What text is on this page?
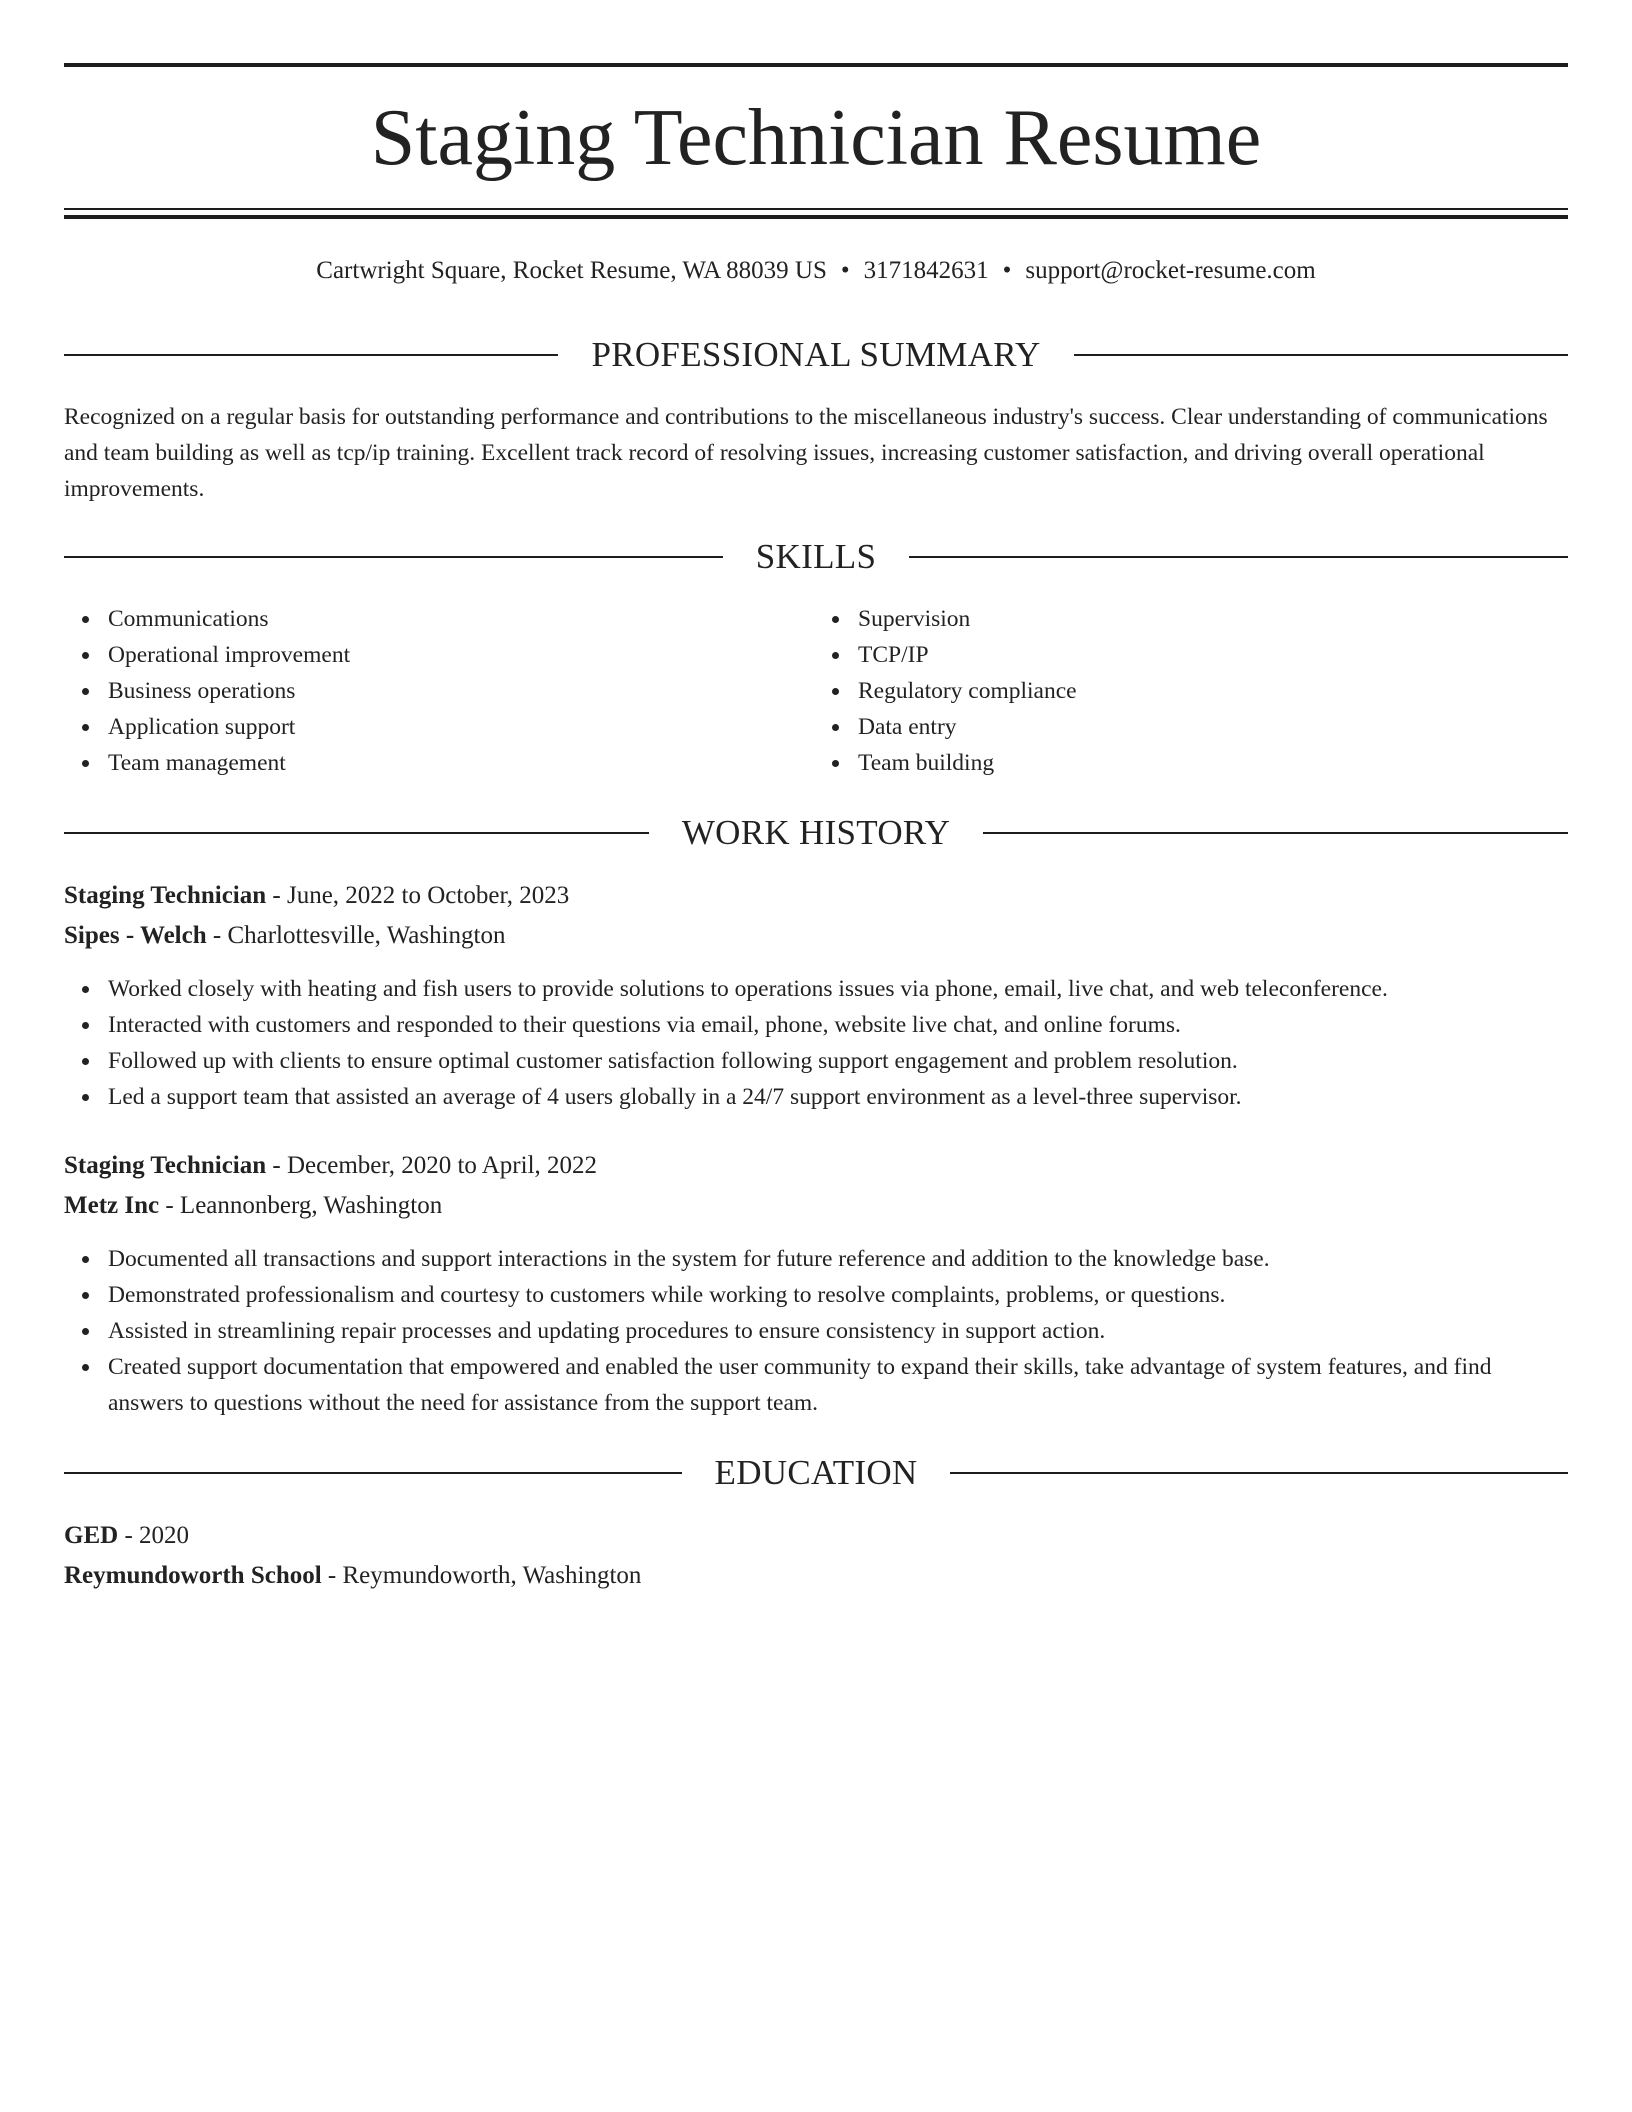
Staging Technician Resume
Cartwright Square, Rocket Resume, WA 88039 US • 3171842631 • support@rocket-resume.com
PROFESSIONAL SUMMARY

Recognized on a regular basis for outstanding performance and contributions to the miscellaneous industry's success. Clear understanding of communications and team building as well as tcp/ip training. Excellent track record of resolving issues, increasing customer satisfaction, and driving overall operational improvements.

SKILLS
Communications
Operational improvement
Business operations
Application support
Team management
Supervision
TCP/IP
Regulatory compliance
Data entry
Team building
WORK HISTORY
Staging Technician - June, 2022 to October, 2023
Sipes - Welch - Charlottesville, Washington
Worked closely with heating and fish users to provide solutions to operations issues via phone, email, live chat, and web teleconference.
Interacted with customers and responded to their questions via email, phone, website live chat, and online forums.
Followed up with clients to ensure optimal customer satisfaction following support engagement and problem resolution.
Led a support team that assisted an average of 4 users globally in a 24/7 support environment as a level-three supervisor.
Staging Technician - December, 2020 to April, 2022
Metz Inc - Leannonberg, Washington
Documented all transactions and support interactions in the system for future reference and addition to the knowledge base.
Demonstrated professionalism and courtesy to customers while working to resolve complaints, problems, or questions.
Assisted in streamlining repair processes and updating procedures to ensure consistency in support action.
Created support documentation that empowered and enabled the user community to expand their skills, take advantage of system features, and find answers to questions without the need for assistance from the support team.
EDUCATION
GED - 2020
Reymundoworth School - Reymundoworth, Washington
